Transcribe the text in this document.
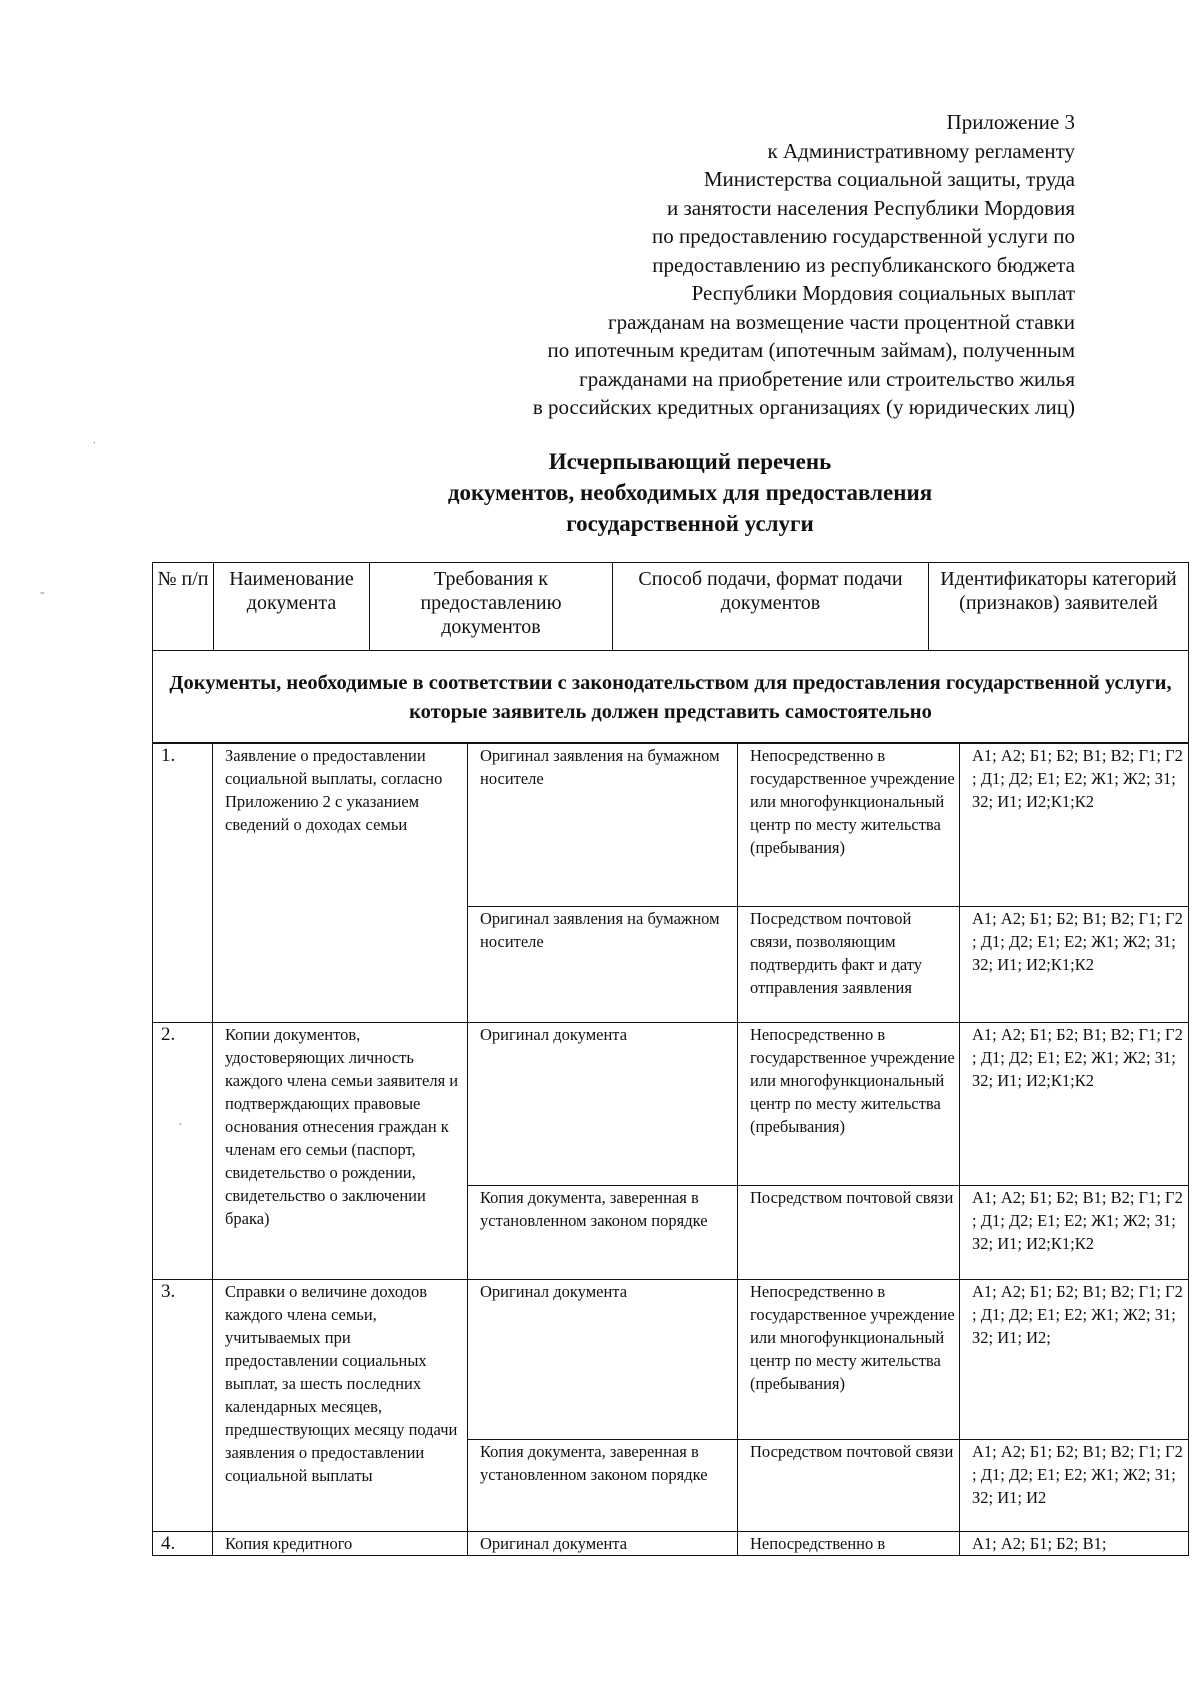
˙
-
·
Приложение 3
к Административному регламенту
Министерства социальной защиты, труда
и занятости населения Республики Мордовия
по предоставлению государственной услуги по
предоставлению из республиканского бюджета
Республики Мордовия социальных выплат
гражданам на возмещение части процентной ставки
по ипотечным кредитам (ипотечным займам), полученным
гражданами на приобретение или строительство жилья
в российских кредитных организациях (у юридических лиц)
Исчерпывающий перечень
документов, необходимых для предоставления
государственной услуги
№ п/п	Наименование документа	Требования к предоставлению документов	Способ подачи, формат подачи документов	Идентификаторы категорий (признаков) заявителей
Документы, необходимые в соответствии с законодательством для предоставления государственной услуги, которые заявитель должен представить самостоятельно
1.	Заявление о предоставлении социальной выплаты, согласно Приложению 2 с указанием сведений о доходах семьи	Оригинал заявления на бумажном носителе	Непосредственно в государственное учреждение или многофункциональный центр по месту жительства (пребывания)	А1; А2; Б1; Б2; В1; В2; Г1; Г2 ; Д1; Д2; Е1; Е2; Ж1; Ж2; З1; З2; И1; И2;К1;К2
		Оригинал заявления на бумажном носителе	Посредством почтовой связи, позволяющим подтвердить факт и дату отправления заявления	А1; А2; Б1; Б2; В1; В2; Г1; Г2 ; Д1; Д2; Е1; Е2; Ж1; Ж2; З1; З2; И1; И2;К1;К2
2.	Копии документов, удостоверяющих личность каждого члена семьи заявителя и подтверждающих правовые основания отнесения граждан к членам его семьи (паспорт, свидетельство о рождении, свидетельство о заключении брака)	Оригинал документа	Непосредственно в государственное учреждение или многофункциональный центр по месту жительства (пребывания)	А1; А2; Б1; Б2; В1; В2; Г1; Г2 ; Д1; Д2; Е1; Е2; Ж1; Ж2; З1; З2; И1; И2;К1;К2
		Копия документа, заверенная в установленном законом порядке	Посредством почтовой связи	А1; А2; Б1; Б2; В1; В2; Г1; Г2 ; Д1; Д2; Е1; Е2; Ж1; Ж2; З1; З2; И1; И2;К1;К2
3.	Справки о величине доходов каждого члена семьи, учитываемых при предоставлении социальных выплат, за шесть последних календарных месяцев, предшествующих месяцу подачи заявления о предоставлении социальной выплаты	Оригинал документа	Непосредственно в государственное учреждение или многофункциональный центр по месту жительства (пребывания)	А1; А2; Б1; Б2; В1; В2; Г1; Г2 ; Д1; Д2; Е1; Е2; Ж1; Ж2; З1; З2; И1; И2;
		Копия документа, заверенная в установленном законом порядке	Посредством почтовой связи	А1; А2; Б1; Б2; В1; В2; Г1; Г2 ; Д1; Д2; Е1; Е2; Ж1; Ж2; З1; З2; И1; И2
4.	Копия кредитного	Оригинал документа	Непосредственно в	А1; А2; Б1; Б2; В1;
